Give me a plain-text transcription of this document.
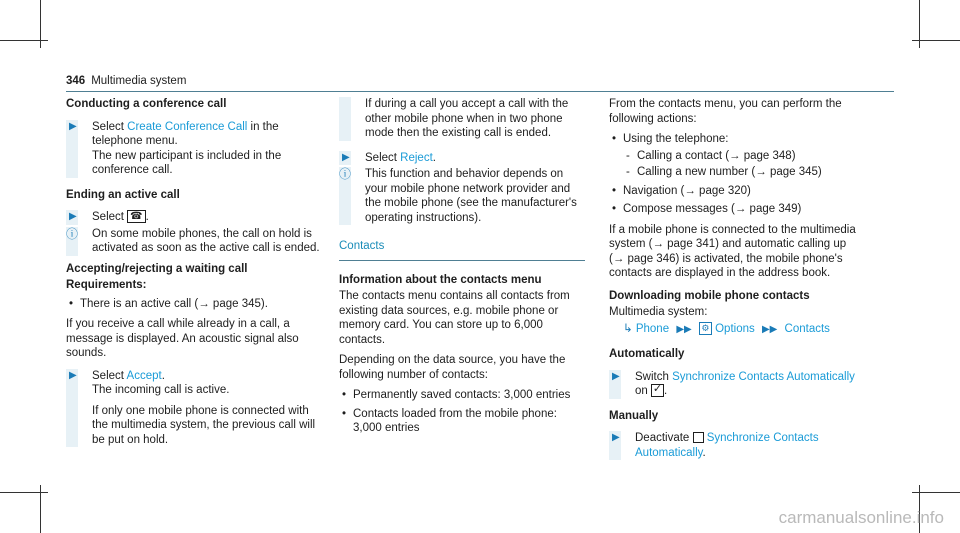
346 Multimedia system
Conducting a conference call
▶ Select Create Conference Call in the telephone menu.
The new participant is included in the conference call.
Ending an active call
▶ Select ☎ .
ⓘ On some mobile phones, the call on hold is activated as soon as the active call is ended.
Accepting/rejecting a waiting call
Requirements:
• There is an active call (→ page 345).
If you receive a call while already in a call, a message is displayed. An acoustic signal also sounds.
▶ Select Accept.
The incoming call is active.
If only one mobile phone is connected with the multimedia system, the previous call will be put on hold.
If during a call you accept a call with the other mobile phone when in two phone mode then the existing call is ended.
▶ Select Reject.
ⓘ This function and behavior depends on your mobile phone network provider and the mobile phone (see the manufacturer's operating instructions).
Contacts
Information about the contacts menu
The contacts menu contains all contacts from existing data sources, e.g. mobile phone or memory card. You can store up to 6,000 contacts.
Depending on the data source, you have the following number of contacts:
• Permanently saved contacts: 3,000 entries
• Contacts loaded from the mobile phone: 3,000 entries
From the contacts menu, you can perform the following actions:
• Using the telephone:
- Calling a contact (→ page 348)
- Calling a new number (→ page 345)
• Navigation (→ page 320)
• Compose messages (→ page 349)
If a mobile phone is connected to the multimedia system (→ page 341) and automatic calling up (→ page 346) is activated, the mobile phone's contacts are displayed in the address book.
Downloading mobile phone contacts
Multimedia system:
↳ Phone ▶▶ ⚙ Options ▶▶ Contacts
Automatically
▶ Switch Synchronize Contacts Automatically
on ✓ .
Manually
▶ Deactivate  Synchronize Contacts Automatically.
carmanualsonline.info
